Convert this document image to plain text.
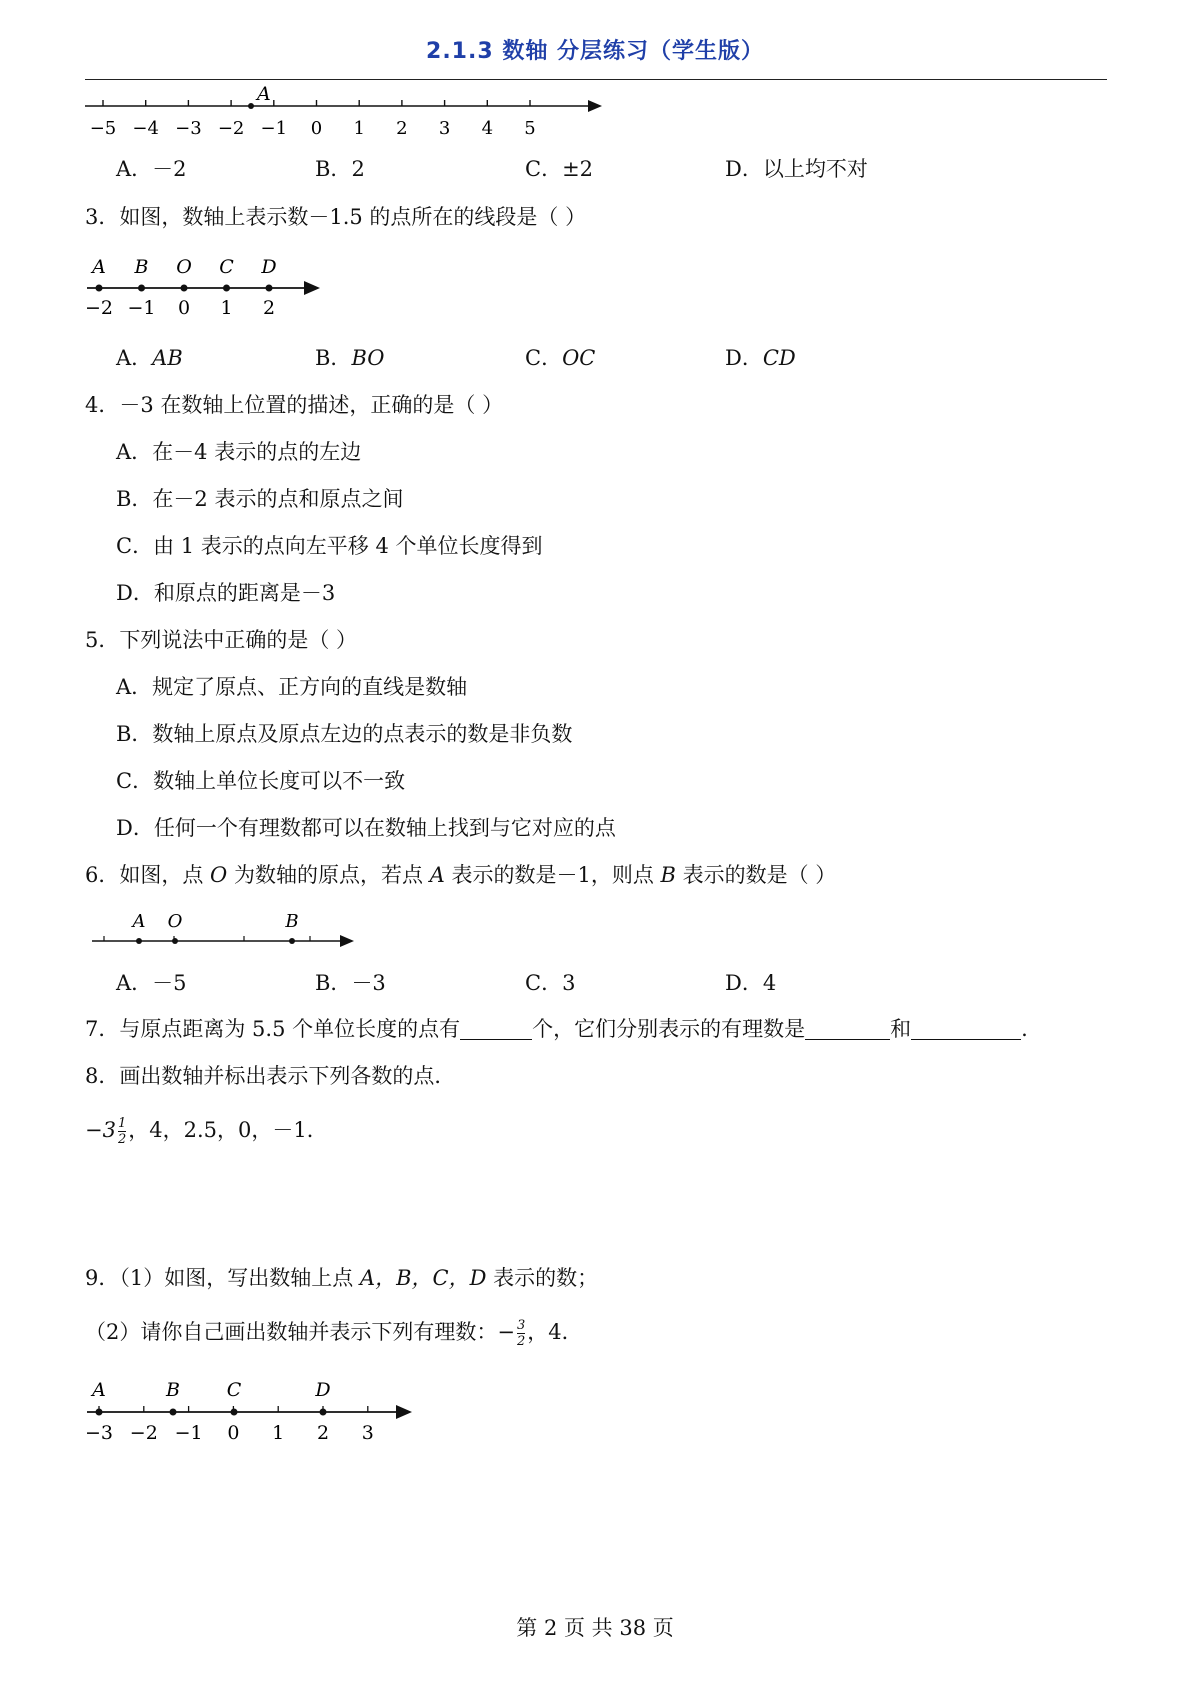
2.1.3 数轴 分层练习（学生版）
−5 −4 −3 −2 −1 0 1 2 3 4 5
A
A．－2	B．2	C．±2	D．以上均不对
3．如图，数轴上表示数－1.5 的点所在的线段是（ ）
A
−2
B
−1
O
0
C
1
D
2
A．AB	B．BO	C．OC	D．CD
4．－3 在数轴上位置的描述，正确的是（ ）
A．在－4 表示的点的左边
B．在－2 表示的点和原点之间
C．由 1 表示的点向左平移 4 个单位长度得到
D．和原点的距离是－3
5．下列说法中正确的是（ ）
A．规定了原点、正方向的直线是数轴
B．数轴上原点及原点左边的点表示的数是非负数
C．数轴上单位长度可以不一致
D．任何一个有理数都可以在数轴上找到与它对应的点
6．如图，点 O 为数轴的原点，若点 A 表示的数是－1，则点 B 表示的数是（ ）
A O	B
A．－5	B．－3	C．3	D．4
7．与原点距离为 5.5 个单位长度的点有	个，它们分别表示的有理数是	和	.
8．画出数轴并标出表示下列各数的点．
$-3 \frac{1}{2}$ ，4，2.5，0，－1．
9．（1）如图，写出数轴上点 A，B，C，D 表示的数；
（2）请你自己画出数轴并表示下列有理数：− $\frac{3}{2}$ ，4．
−3 −2 −1 0 1 2 3
A	B C	D
第 2 页 共 38 页
